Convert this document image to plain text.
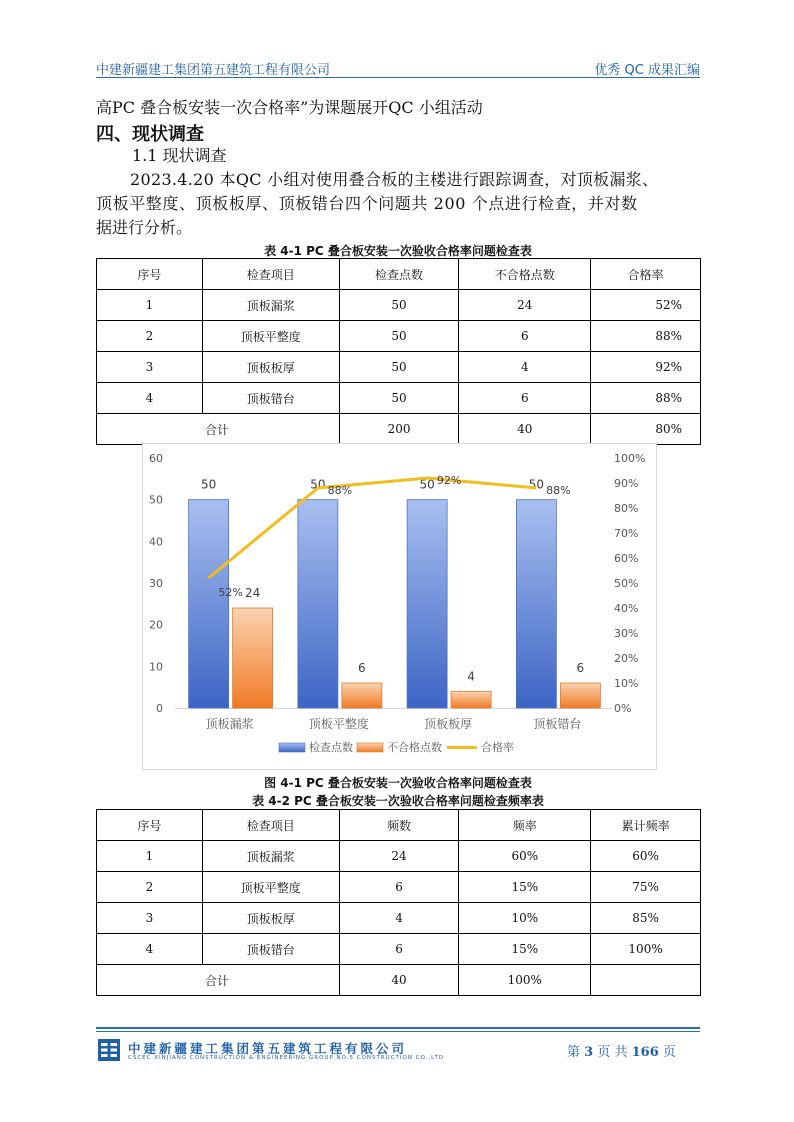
中建新疆建工集团第五建筑工程有限公司	优秀 QC 成果汇编
高PC 叠合板安装一次合格率”为课题展开QC 小组活动
四、现状调查
1.1 现状调查
2023.4.20 本QC 小组对使用叠合板的主楼进行跟踪调查，对顶板漏浆、
顶板平整度、顶板板厚、顶板错台四个问题共 200 个点进行检查，并对数
据进行分析。
表 4-1 PC 叠合板安装一次验收合格率问题检查表
序号	检查项目	检查点数	不合格点数	合格率
1	顶板漏浆	50	24	52%
2	顶板平整度	50	6	88%
3	顶板板厚	50	4	92%
4	顶板错台	50	6	88%
合计		200	40	80%
0
10
20
30
40
50
60
0%
10%
20%
30%
40%
50%
60%
70%
80%
90%
100%
50
24
顶板漏浆
50
6
顶板平整度
50
4
顶板板厚
50
6
顶板错台
52%
88%
92%
88%
检查点数	不合格点数	合格率
图 4-1 PC 叠合板安装一次验收合格率问题检查表
表 4-2 PC 叠合板安装一次验收合格率问题检查频率表
序号	检查项目	频数	频率	累计频率
1	顶板漏浆	24	60%	60%
2	顶板平整度	6	15%	75%
3	顶板板厚	4	10%	85%
4	顶板错台	6	15%	100%
合计		40	100%	
中建新疆建工集团第五建筑工程有限公司
CSCEC XINJIANG CONSTRUCTION & ENGINEERING GROUP NO.5 CONSTRUCTION CO.,LTD	第 3 页 共 166 页
